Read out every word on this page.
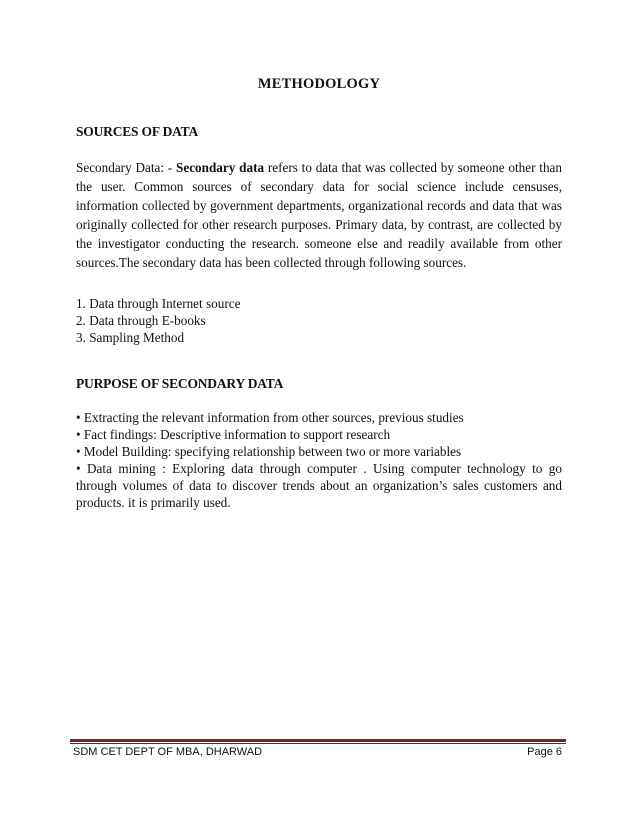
METHODOLOGY
SOURCES OF DATA
Secondary Data: - Secondary data refers to data that was collected by someone other than the user. Common sources of secondary data for social science include censuses, information collected by government departments, organizational records and data that was originally collected for other research purposes. Primary data, by contrast, are collected by the investigator conducting the research. someone else and readily available from other sources.The secondary data has been collected through following sources.
1. Data through Internet source
2. Data through E-books
3. Sampling Method
PURPOSE OF SECONDARY DATA
• Extracting the relevant information from other sources, previous studies
• Fact findings: Descriptive information to support research
• Model Building: specifying relationship between two or more variables
• Data mining : Exploring data through computer . Using computer technology to go through volumes of data to discover trends about an organization’s sales customers and products. it is primarily used.
SDM CET DEPT OF MBA, DHARWAD	Page 6
